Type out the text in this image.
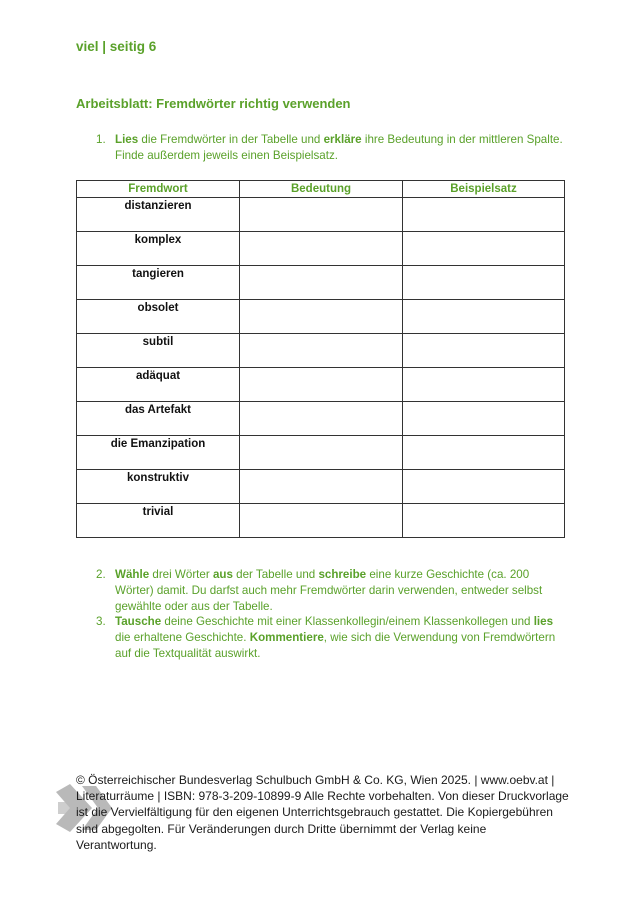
viel | seitig 6
Arbeitsblatt: Fremdwörter richtig verwenden
1. Lies die Fremdwörter in der Tabelle und erkläre ihre Bedeutung in der mittleren Spalte. Finde außerdem jeweils einen Beispielsatz.
Fremdwort	Bedeutung	Beispielsatz
distanzieren		
komplex		
tangieren		
obsolet		
subtil		
adäquat		
das Artefakt		
die Emanzipation		
konstruktiv		
trivial		
2. Wähle drei Wörter aus der Tabelle und schreibe eine kurze Geschichte (ca. 200 Wörter) damit. Du darfst auch mehr Fremdwörter darin verwenden, entweder selbst gewählte oder aus der Tabelle.
3. Tausche deine Geschichte mit einer Klassenkollegin/einem Klassenkollegen und lies die erhaltene Geschichte. Kommentiere, wie sich die Verwendung von Fremdwörtern auf die Textqualität auswirkt.
© Österreichischer Bundesverlag Schulbuch GmbH & Co. KG, Wien 2025. | www.oebv.at |
Literaturräume | ISBN: 978-3-209-10899-9 Alle Rechte vorbehalten. Von dieser Druckvorlage
ist die Vervielfältigung für den eigenen Unterrichtsgebrauch gestattet. Die Kopiergebühren
sind abgegolten. Für Veränderungen durch Dritte übernimmt der Verlag keine
Verantwortung.
